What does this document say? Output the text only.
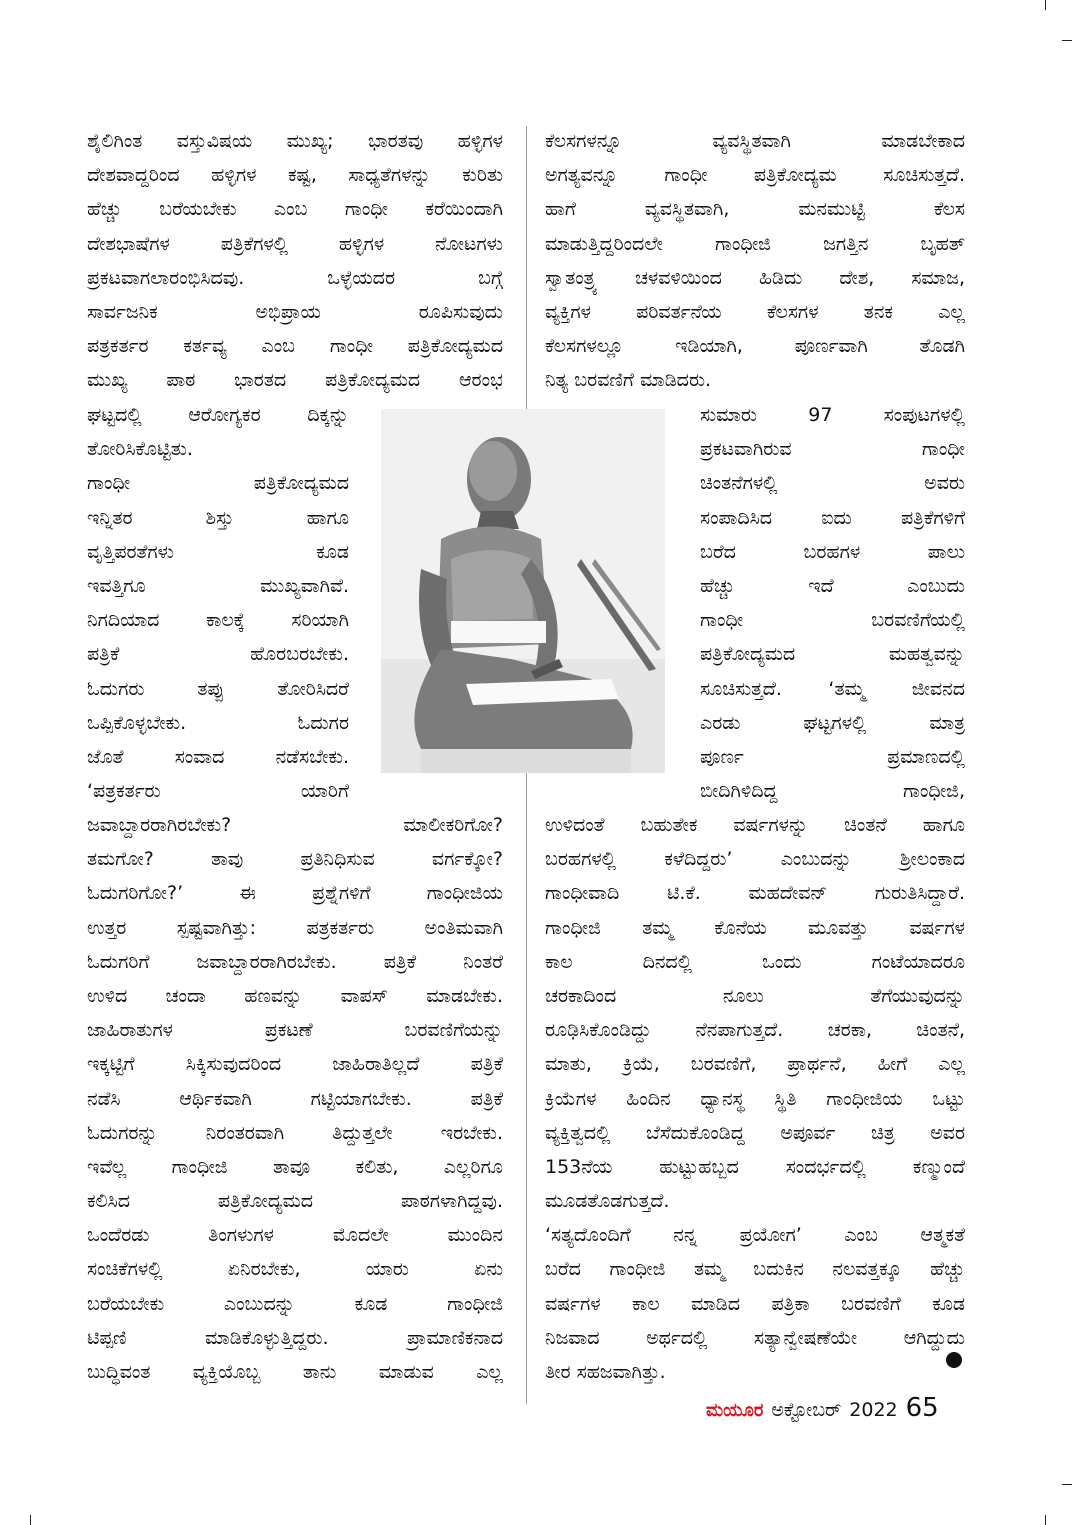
ಶೈಲಿಗಿಂತ ವಸ್ತುವಿಷಯ ಮುಖ್ಯ; ಭಾರತವು ಹಳ್ಳಿಗಳ
ದೇಶವಾದ್ದರಿಂದ ಹಳ್ಳಿಗಳ ಕಷ್ಟ, ಸಾಧ್ಯತೆಗಳನ್ನು ಕುರಿತು
ಹೆಚ್ಚು ಬರೆಯಬೇಕು ಎಂಬ ಗಾಂಧೀ ಕರೆಯಿಂದಾಗಿ
ದೇಶಭಾಷೆಗಳ ಪತ್ರಿಕೆಗಳಲ್ಲಿ ಹಳ್ಳಿಗಳ ನೋಟಗಳು
ಪ್ರಕಟವಾಗಲಾರಂಭಿಸಿದವು. ಒಳ್ಳೆಯದರ ಬಗ್ಗೆ
ಸಾರ್ವಜನಿಕ ಅಭಿಪ್ರಾಯ ರೂಪಿಸುವುದು
ಪತ್ರಕರ್ತರ ಕರ್ತವ್ಯ ಎಂಬ ಗಾಂಧೀ ಪತ್ರಿಕೋದ್ಯಮದ
ಮುಖ್ಯ ಪಾಠ ಭಾರತದ ಪತ್ರಿಕೋದ್ಯಮದ ಆರಂಭ
ಘಟ್ಟದಲ್ಲಿ ಆರೋಗ್ಯಕರ ದಿಕ್ಕನ್ನು
ತೋರಿಸಿಕೊಟ್ಟಿತು.
ಗಾಂಧೀ ಪತ್ರಿಕೋದ್ಯಮದ
ಇನ್ನಿತರ ಶಿಸ್ತು ಹಾಗೂ
ವೃತ್ತಿಪರತೆಗಳು ಕೂಡ
ಇವತ್ತಿಗೂ ಮುಖ್ಯವಾಗಿವೆ.
ನಿಗದಿಯಾದ ಕಾಲಕ್ಕೆ ಸರಿಯಾಗಿ
ಪತ್ರಿಕೆ ಹೊರಬರಬೇಕು.
ಓದುಗರು ತಪ್ಪು ತೋರಿಸಿದರೆ
ಒಪ್ಪಿಕೊಳ್ಳಬೇಕು. ಓದುಗರ
ಜೊತೆ ಸಂವಾದ ನಡೆಸಬೇಕು.
‘ಪತ್ರಕರ್ತರು ಯಾರಿಗೆ
ಜವಾಬ್ದಾರರಾಗಿರಬೇಕು? ಮಾಲೀಕರಿಗೋ?
ತಮಗೋ? ತಾವು ಪ್ರತಿನಿಧಿಸುವ ವರ್ಗಕ್ಕೋ?
ಓದುಗರಿಗೋ?’ ಈ ಪ್ರಶ್ನೆಗಳಿಗೆ ಗಾಂಧೀಜಿಯ
ಉತ್ತರ ಸ್ಪಷ್ಟವಾಗಿತ್ತು: ಪತ್ರಕರ್ತರು ಅಂತಿಮವಾಗಿ
ಓದುಗರಿಗೆ ಜವಾಬ್ದಾರರಾಗಿರಬೇಕು. ಪತ್ರಿಕೆ ನಿಂತರೆ
ಉಳಿದ ಚಂದಾ ಹಣವನ್ನು ವಾಪಸ್ ಮಾಡಬೇಕು.
ಜಾಹಿರಾತುಗಳ ಪ್ರಕಟಣೆ ಬರವಣಿಗೆಯನ್ನು
ಇಕ್ಕಟ್ಟಿಗೆ ಸಿಕ್ಕಿಸುವುದರಿಂದ ಜಾಹಿರಾತಿಲ್ಲದೆ ಪತ್ರಿಕೆ
ನಡೆಸಿ ಆರ್ಥಿಕವಾಗಿ ಗಟ್ಟಿಯಾಗಬೇಕು. ಪತ್ರಿಕೆ
ಓದುಗರನ್ನು ನಿರಂತರವಾಗಿ ತಿದ್ದುತ್ತಲೇ ಇರಬೇಕು.
ಇವೆಲ್ಲ ಗಾಂಧೀಜಿ ತಾವೂ ಕಲಿತು, ಎಲ್ಲರಿಗೂ
ಕಲಿಸಿದ ಪತ್ರಿಕೋದ್ಯಮದ ಪಾಠಗಳಾಗಿದ್ದವು.
ಒಂದೆರಡು ತಿಂಗಳುಗಳ ಮೊದಲೇ ಮುಂದಿನ
ಸಂಚಿಕೆಗಳಲ್ಲಿ ಏನಿರಬೇಕು, ಯಾರು ಏನು
ಬರೆಯಬೇಕು ಎಂಬುದನ್ನು ಕೂಡ ಗಾಂಧೀಜಿ
ಟಿಪ್ಪಣಿ ಮಾಡಿಕೊಳ್ಳುತ್ತಿದ್ದರು. ಪ್ರಾಮಾಣಿಕನಾದ
ಬುದ್ಧಿವಂತ ವ್ಯಕ್ತಿಯೊಬ್ಬ ತಾನು ಮಾಡುವ ಎಲ್ಲ
ಕೆಲಸಗಳನ್ನೂ ವ್ಯವಸ್ಥಿತವಾಗಿ ಮಾಡಬೇಕಾದ
ಅಗತ್ಯವನ್ನೂ ಗಾಂಧೀ ಪತ್ರಿಕೋದ್ಯಮ ಸೂಚಿಸುತ್ತದೆ.
ಹಾಗೆ ವ್ಯವಸ್ಥಿತವಾಗಿ, ಮನಮುಟ್ಟಿ ಕೆಲಸ
ಮಾಡುತ್ತಿದ್ದರಿಂದಲೇ ಗಾಂಧೀಜಿ ಜಗತ್ತಿನ ಬೃಹತ್
ಸ್ವಾತಂತ್ರ್ಯ ಚಳವಳಿಯಿಂದ ಹಿಡಿದು ದೇಶ, ಸಮಾಜ,
ವ್ಯಕ್ತಿಗಳ ಪರಿವರ್ತನೆಯ ಕೆಲಸಗಳ ತನಕ ಎಲ್ಲ
ಕೆಲಸಗಳಲ್ಲೂ ಇಡಿಯಾಗಿ, ಪೂರ್ಣವಾಗಿ ತೊಡಗಿ
ನಿತ್ಯ ಬರವಣಿಗೆ ಮಾಡಿದರು.
ಸುಮಾರು 97 ಸಂಪುಟಗಳಲ್ಲಿ
ಪ್ರಕಟವಾಗಿರುವ ಗಾಂಧೀ
ಚಿಂತನೆಗಳಲ್ಲಿ ಅವರು
ಸಂಪಾದಿಸಿದ ಐದು ಪತ್ರಿಕೆಗಳಿಗೆ
ಬರೆದ ಬರಹಗಳ ಪಾಲು
ಹೆಚ್ಚು ಇದೆ ಎಂಬುದು
ಗಾಂಧೀ ಬರವಣಿಗೆಯಲ್ಲಿ
ಪತ್ರಿಕೋದ್ಯಮದ ಮಹತ್ವವನ್ನು
ಸೂಚಿಸುತ್ತದೆ. ‘ತಮ್ಮ ಜೀವನದ
ಎರಡು ಘಟ್ಟಗಳಲ್ಲಿ ಮಾತ್ರ
ಪೂರ್ಣ ಪ್ರಮಾಣದಲ್ಲಿ
ಬೀದಿಗಿಳಿದಿದ್ದ ಗಾಂಧೀಜಿ,
ಉಳಿದಂತೆ ಬಹುತೇಕ ವರ್ಷಗಳನ್ನು ಚಿಂತನೆ ಹಾಗೂ
ಬರಹಗಳಲ್ಲಿ ಕಳೆದಿದ್ದರು’ ಎಂಬುದನ್ನು ಶ್ರೀಲಂಕಾದ
ಗಾಂಧೀವಾದಿ ಟಿ.ಕೆ. ಮಹದೇವನ್ ಗುರುತಿಸಿದ್ದಾರೆ.
ಗಾಂಧೀಜಿ ತಮ್ಮ ಕೊನೆಯ ಮೂವತ್ತು ವರ್ಷಗಳ
ಕಾಲ ದಿನದಲ್ಲಿ ಒಂದು ಗಂಟೆಯಾದರೂ
ಚರಕಾದಿಂದ ನೂಲು ತೆಗೆಯುವುದನ್ನು
ರೂಢಿಸಿಕೊಂಡಿದ್ದು ನೆನಪಾಗುತ್ತದೆ. ಚರಕಾ, ಚಿಂತನೆ,
ಮಾತು, ಕ್ರಿಯೆ, ಬರವಣಿಗೆ, ಪ್ರಾರ್ಥನೆ, ಹೀಗೆ ಎಲ್ಲ
ಕ್ರಿಯೆಗಳ ಹಿಂದಿನ ಧ್ಯಾನಸ್ಥ ಸ್ಥಿತಿ ಗಾಂಧೀಜಿಯ ಒಟ್ಟು
ವ್ಯಕ್ತಿತ್ವದಲ್ಲಿ ಬೆಸೆದುಕೊಂಡಿದ್ದ ಅಪೂರ್ವ ಚಿತ್ರ ಅವರ
153ನೆಯ ಹುಟ್ಟುಹಬ್ಬದ ಸಂದರ್ಭದಲ್ಲಿ ಕಣ್ಮುಂದೆ
ಮೂಡತೊಡಗುತ್ತದೆ.
‘ಸತ್ಯದೊಂದಿಗೆ ನನ್ನ ಪ್ರಯೋಗ’ ಎಂಬ ಆತ್ಮಕತೆ
ಬರೆದ ಗಾಂಧೀಜಿ ತಮ್ಮ ಬದುಕಿನ ನಲವತ್ತಕ್ಕೂ ಹೆಚ್ಚು
ವರ್ಷಗಳ ಕಾಲ ಮಾಡಿದ ಪತ್ರಿಕಾ ಬರವಣಿಗೆ ಕೂಡ
ನಿಜವಾದ ಅರ್ಥದಲ್ಲಿ ಸತ್ಯಾನ್ವೇಷಣೆಯೇ ಆಗಿದ್ದುದು
ತೀರ ಸಹಜವಾಗಿತ್ತು.
ಮಯೂರ ಅಕ್ಟೋಬರ್ 2022 65
